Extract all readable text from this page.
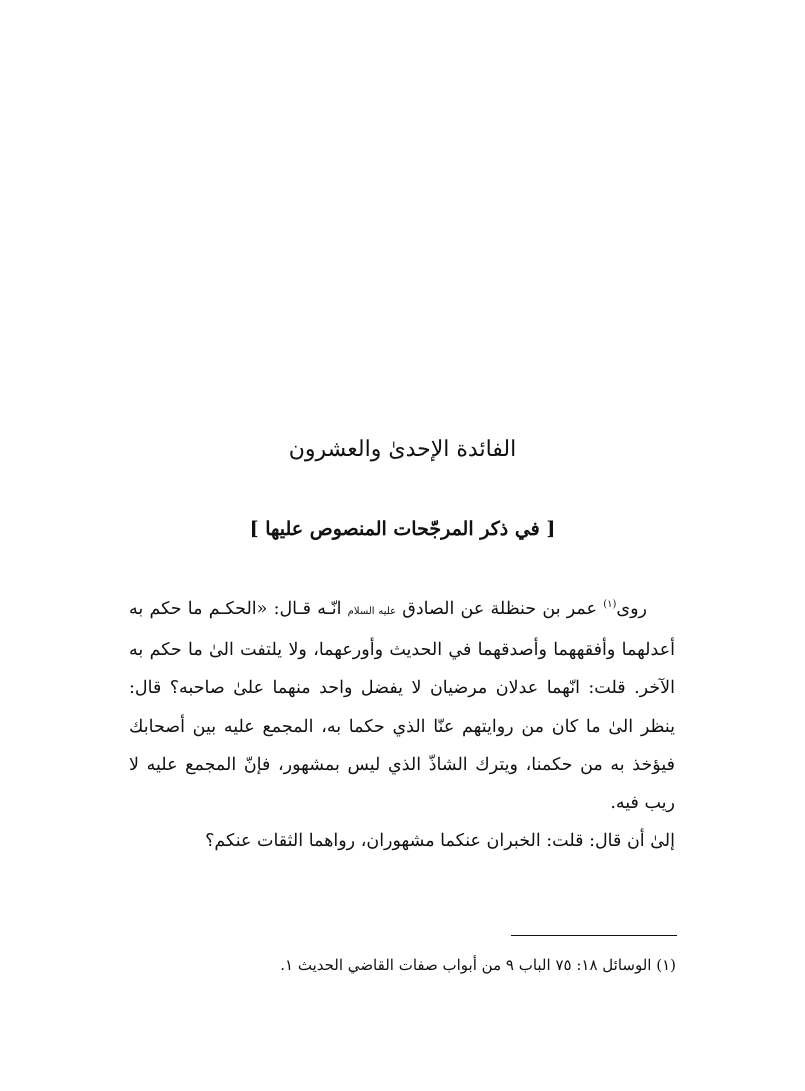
الفائدة الإحدىٰ والعشرون
[ في ذكر المرجّحات المنصوص عليها ]

روى$^{(١)}$ عمر بن حنظلة عن الصادق عليه السلام انّـه قـال: «الحكـم ما حكم به أعدلهما وأفقههما وأصدقهما في الحديث وأورعهما، ولا يلتفت الىٰ ما حكم به الآخر. قلت: انّهما عدلان مرضيان لا يفضل واحد منهما علىٰ صاحبه؟ قال: ينظر الىٰ ما كان من روايتهم عنّا الذي حكما به، المجمع عليه بين أصحابك فيؤخذ به من حكمنا، ويترك الشاذّ الذي ليس بمشهور، فإنّ المجمع عليه لا ريب فيه.

إلىٰ أن قال: قلت: الخبران عنكما مشهوران، رواهما الثقات عنكم؟

(١) الوسائل ١٨: ٧٥ الباب ٩ من أبواب صفات القاضي الحديث ١.
